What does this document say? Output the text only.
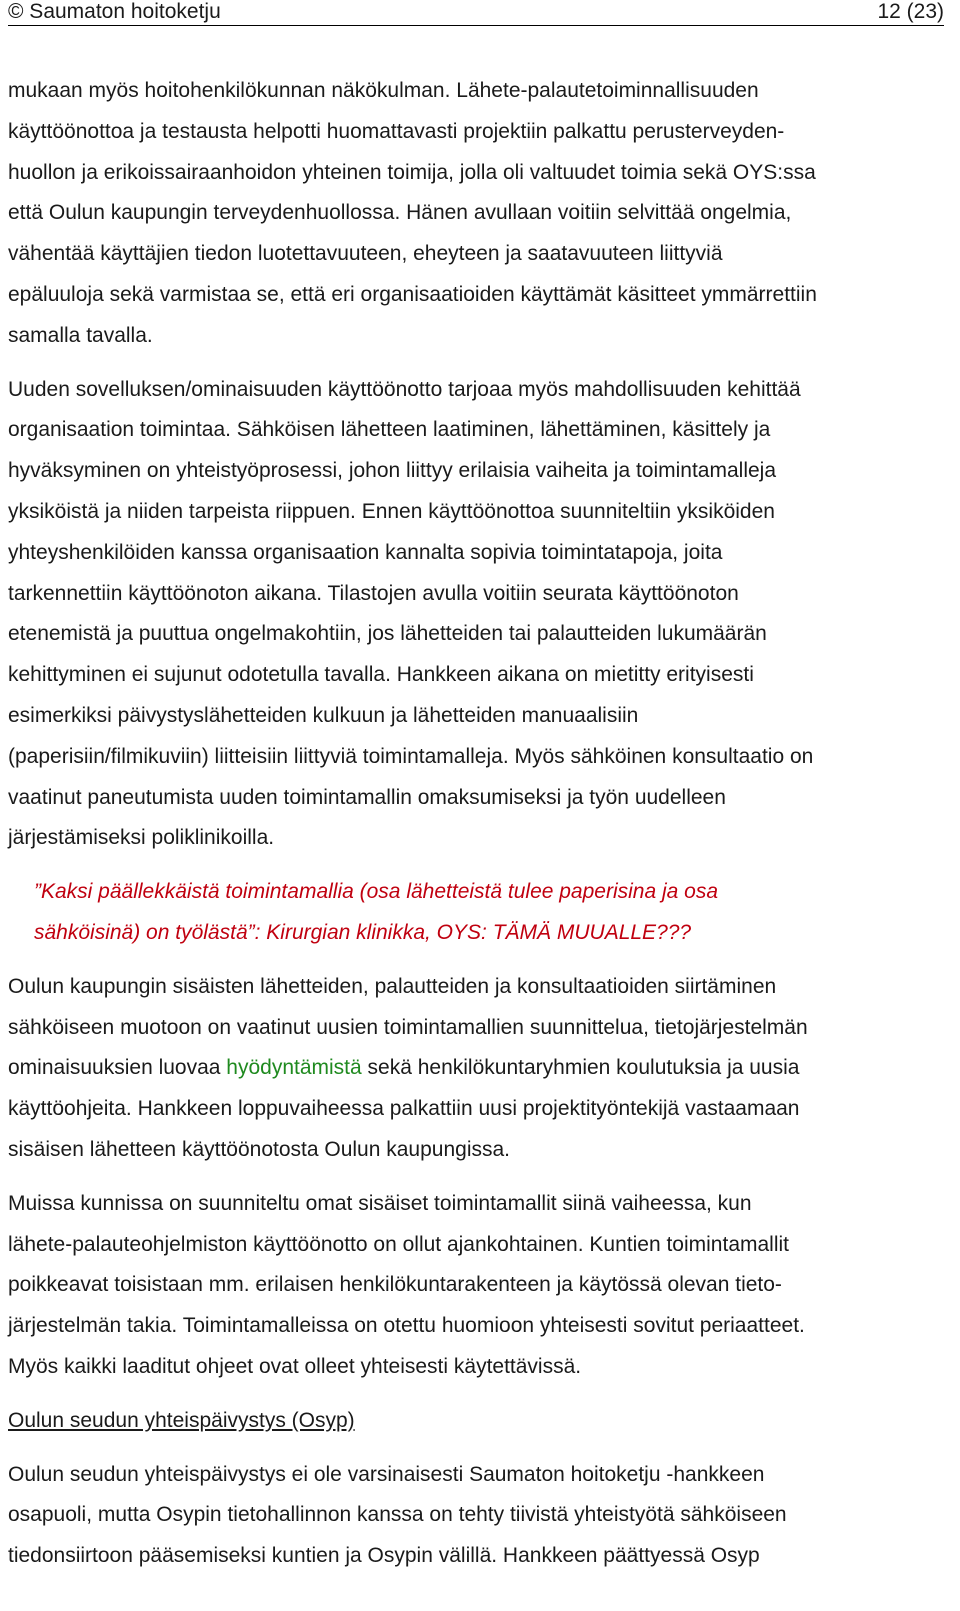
© Saumaton hoitoketju	12 (23)

mukaan myös hoitohenkilökunnan näkökulman. Lähete-palautetoiminnallisuuden
käyttöönottoa ja testausta helpotti huomattavasti projektiin palkattu perusterveyden-
huollon ja erikoissairaanhoidon yhteinen toimija, jolla oli valtuudet toimia sekä OYS:ssa
että Oulun kaupungin terveydenhuollossa. Hänen avullaan voitiin selvittää ongelmia,
vähentää käyttäjien tiedon luotettavuuteen, eheyteen ja saatavuuteen liittyviä
epäluuloja sekä varmistaa se, että eri organisaatioiden käyttämät käsitteet ymmärrettiin
samalla tavalla.

Uuden sovelluksen/ominaisuuden käyttöönotto tarjoaa myös mahdollisuuden kehittää
organisaation toimintaa. Sähköisen lähetteen laatiminen, lähettäminen, käsittely ja
hyväksyminen on yhteistyöprosessi, johon liittyy erilaisia vaiheita ja toimintamalleja
yksiköistä ja niiden tarpeista riippuen. Ennen käyttöönottoa suunniteltiin yksiköiden
yhteyshenkilöiden kanssa organisaation kannalta sopivia toimintatapoja, joita
tarkennettiin käyttöönoton aikana. Tilastojen avulla voitiin seurata käyttöönoton
etenemistä ja puuttua ongelmakohtiin, jos lähetteiden tai palautteiden lukumäärän
kehittyminen ei sujunut odotetulla tavalla. Hankkeen aikana on mietitty erityisesti
esimerkiksi päivystyslähetteiden kulkuun ja lähetteiden manuaalisiin
(paperisiin/filmikuviin) liitteisiin liittyviä toimintamalleja. Myös sähköinen konsultaatio on
vaatinut paneutumista uuden toimintamallin omaksumiseksi ja työn uudelleen
järjestämiseksi poliklinikoilla.

”Kaksi päällekkäistä toimintamallia (osa lähetteistä tulee paperisina ja osa
sähköisinä) on työlästä”: Kirurgian klinikka, OYS: TÄMÄ MUUALLE???

Oulun kaupungin sisäisten lähetteiden, palautteiden ja konsultaatioiden siirtäminen
sähköiseen muotoon on vaatinut uusien toimintamallien suunnittelua, tietojärjestelmän
ominaisuuksien luovaa hyödyntämistä sekä henkilökuntaryhmien koulutuksia ja uusia
käyttöohjeita. Hankkeen loppuvaiheessa palkattiin uusi projektityöntekijä vastaamaan
sisäisen lähetteen käyttöönotosta Oulun kaupungissa.

Muissa kunnissa on suunniteltu omat sisäiset toimintamallit siinä vaiheessa, kun
lähete-palauteohjelmiston käyttöönotto on ollut ajankohtainen. Kuntien toimintamallit
poikkeavat toisistaan mm. erilaisen henkilökuntarakenteen ja käytössä olevan tieto-
järjestelmän takia. Toimintamalleissa on otettu huomioon yhteisesti sovitut periaatteet.
Myös kaikki laaditut ohjeet ovat olleet yhteisesti käytettävissä.

Oulun seudun yhteispäivystys (Osyp)

Oulun seudun yhteispäivystys ei ole varsinaisesti Saumaton hoitoketju -hankkeen
osapuoli, mutta Osypin tietohallinnon kanssa on tehty tiivistä yhteistyötä sähköiseen
tiedonsiirtoon pääsemiseksi kuntien ja Osypin välillä. Hankkeen päättyessä Osyp
